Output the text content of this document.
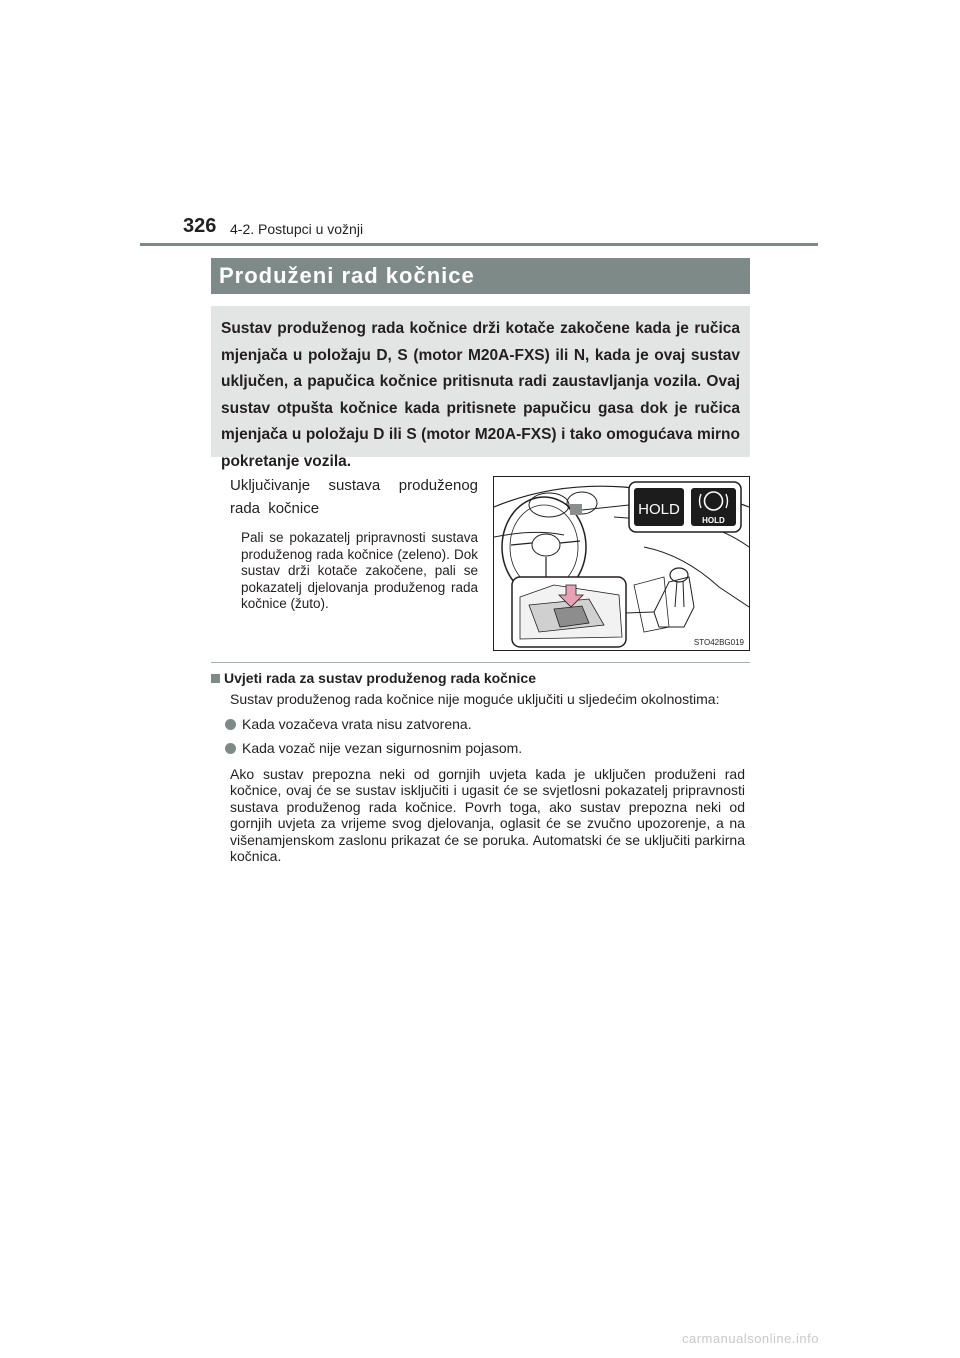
326 4-2. Postupci u vožnji
Produženi rad kočnice

Sustav produženog rada kočnice drži kotače zakočene kada je ručica mjenjača u položaju D, S (motor M20A-FXS) ili N, kada je ovaj sustav uključen, a papučica kočnice pritisnuta radi zaustavljanja vozila. Ovaj sustav otpušta kočnice kada pritisnete papučicu gasa dok je ručica mjenjača u položaju D ili S (motor M20A-FXS) i tako omogućava mirno pokretanje vozila.

Uključivanje sustava produženog rada kočnice

Pali se pokazatelj pripravnosti sustava produženog rada kočnice (zeleno). Dok sustav drži kotače zakočene, pali se pokazatelj djelovanja produženog rada kočnice (žuto).

HOLD
HOLD
STO42BG019
Uvjeti rada za sustav produženog rada kočnice

Sustav produženog rada kočnice nije moguće uključiti u sljedećim okolnostima:

Kada vozačeva vrata nisu zatvorena.

Kada vozač nije vezan sigurnosnim pojasom.

Ako sustav prepozna neki od gornjih uvjeta kada je uključen produženi rad kočnice, ovaj će se sustav isključiti i ugasit će se svjetlosni pokazatelj pripravnosti sustava produženog rada kočnice. Povrh toga, ako sustav prepozna neki od gornjih uvjeta za vrijeme svog djelovanja, oglasit će se zvučno upozorenje, a na višenamjenskom zaslonu prikazat će se poruka. Automatski će se uključiti parkirna kočnica.

carmanualsonline.info
